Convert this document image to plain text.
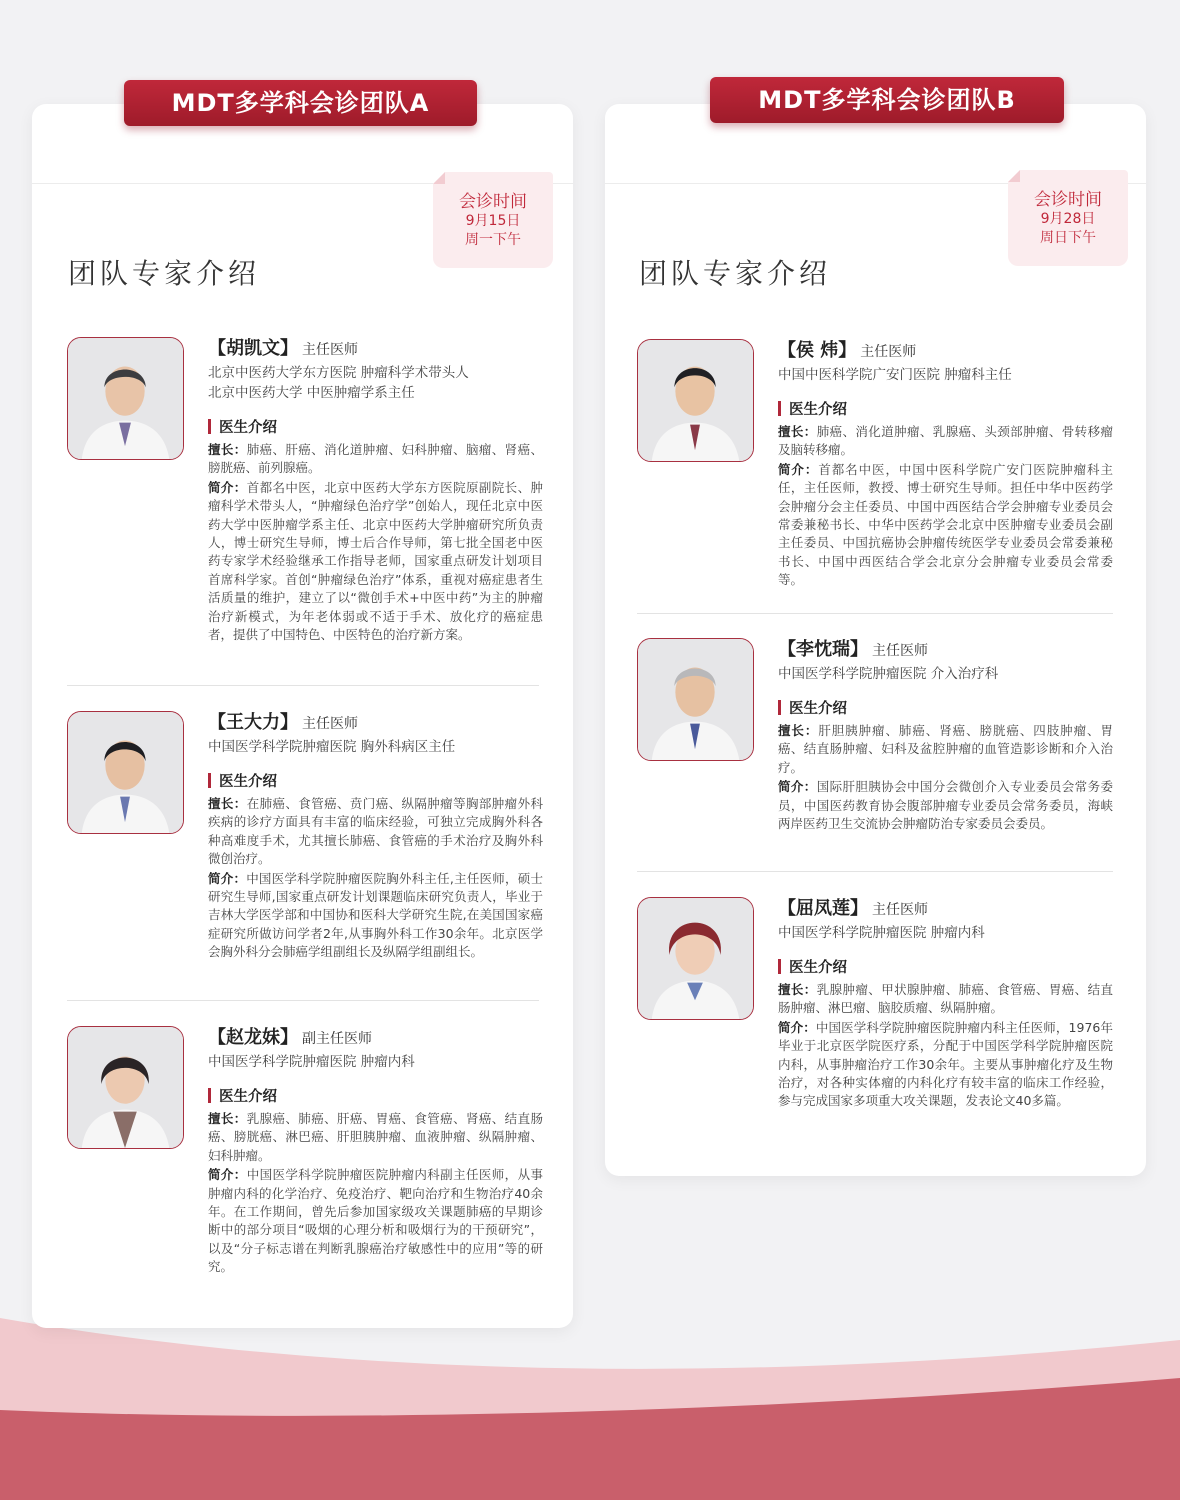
MDT多学科会诊团队A
会诊时间
9月15日
周一下午
团队专家介绍
【胡凯文】 主任医师
北京中医药大学东方医院 肿瘤科学术带头人
北京中医药大学 中医肿瘤学系主任
医生介绍
擅长：肺癌、肝癌、消化道肿瘤、妇科肿瘤、脑瘤、肾癌、膀胱癌、前列腺癌。
简介：首都名中医，北京中医药大学东方医院原副院长、肿瘤科学术带头人，“肿瘤绿色治疗学”创始人，现任北京中医药大学中医肿瘤学系主任、北京中医药大学肿瘤研究所负责人，博士研究生导师，博士后合作导师，第七批全国老中医药专家学术经验继承工作指导老师，国家重点研发计划项目首席科学家。首创“肿瘤绿色治疗”体系，重视对癌症患者生活质量的维护，建立了以“微创手术+中医中药”为主的肿瘤治疗新模式，为年老体弱或不适于手术、放化疗的癌症患者，提供了中国特色、中医特色的治疗新方案。
【王大力】 主任医师
中国医学科学院肿瘤医院 胸外科病区主任
医生介绍
擅长：在肺癌、食管癌、贲门癌、纵隔肿瘤等胸部肿瘤外科疾病的诊疗方面具有丰富的临床经验，可独立完成胸外科各种高难度手术，尤其擅长肺癌、食管癌的手术治疗及胸外科微创治疗。
简介：中国医学科学院肿瘤医院胸外科主任,主任医师，硕士研究生导师,国家重点研发计划课题临床研究负责人，毕业于吉林大学医学部和中国协和医科大学研究生院,在美国国家癌症研究所做访问学者2年,从事胸外科工作30余年。北京医学会胸外科分会肺癌学组副组长及纵隔学组副组长。
【赵龙妹】 副主任医师
中国医学科学院肿瘤医院 肿瘤内科
医生介绍
擅长：乳腺癌、肺癌、肝癌、胃癌、食管癌、肾癌、结直肠癌、膀胱癌、淋巴癌、肝胆胰肿瘤、血液肿瘤、纵隔肿瘤、妇科肿瘤。
简介：中国医学科学院肿瘤医院肿瘤内科副主任医师，从事肿瘤内科的化学治疗、免疫治疗、靶向治疗和生物治疗40余年。在工作期间，曾先后参加国家级攻关课题肺癌的早期诊断中的部分项目“吸烟的心理分析和吸烟行为的干预研究”，以及“分子标志谱在判断乳腺癌治疗敏感性中的应用”等的研究。
MDT多学科会诊团队B
会诊时间
9月28日
周日下午
团队专家介绍
【侯 炜】 主任医师
中国中医科学院广安门医院 肿瘤科主任
医生介绍
擅长：肺癌、消化道肿瘤、乳腺癌、头颈部肿瘤、骨转移瘤及脑转移瘤。
简介：首都名中医，中国中医科学院广安门医院肿瘤科主任，主任医师，教授、博士研究生导师。担任中华中医药学会肿瘤分会主任委员、中国中西医结合学会肿瘤专业委员会常委兼秘书长、中华中医药学会北京中医肿瘤专业委员会副主任委员、中国抗癌协会肿瘤传统医学专业委员会常委兼秘书长、中国中西医结合学会北京分会肿瘤专业委员会常委等。
【李忱瑞】 主任医师
中国医学科学院肿瘤医院 介入治疗科
医生介绍
擅长：肝胆胰肿瘤、肺癌、肾癌、膀胱癌、四肢肿瘤、胃癌、结直肠肿瘤、妇科及盆腔肿瘤的血管造影诊断和介入治疗。
简介：国际肝胆胰协会中国分会微创介入专业委员会常务委员，中国医药教育协会腹部肿瘤专业委员会常务委员，海峡两岸医药卫生交流协会肿瘤防治专家委员会委员。
【屈凤莲】 主任医师
中国医学科学院肿瘤医院 肿瘤内科
医生介绍
擅长：乳腺肿瘤、甲状腺肿瘤、肺癌、食管癌、胃癌、结直肠肿瘤、淋巴瘤、脑胶质瘤、纵隔肿瘤。
简介：中国医学科学院肿瘤医院肿瘤内科主任医师，1976年毕业于北京医学院医疗系，分配于中国医学科学院肿瘤医院内科，从事肿瘤治疗工作30余年。主要从事肿瘤化疗及生物治疗，对各种实体瘤的内科化疗有较丰富的临床工作经验，参与完成国家多项重大攻关课题，发表论文40多篇。
